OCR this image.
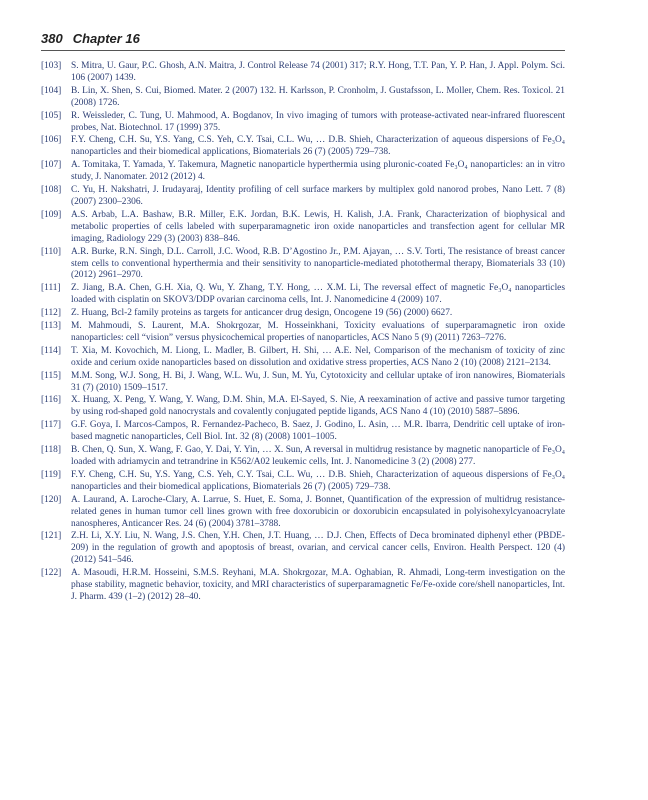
380 Chapter 16
[103]	S. Mitra, U. Gaur, P.C. Ghosh, A.N. Maitra, J. Control Release 74 (2001) 317; R.Y. Hong, T.T. Pan, Y. P. Han, J. Appl. Polym. Sci. 106 (2007) 1439.
[104]	B. Lin, X. Shen, S. Cui, Biomed. Mater. 2 (2007) 132. H. Karlsson, P. Cronholm, J. Gustafsson, L. Moller, Chem. Res. Toxicol. 21 (2008) 1726.
[105]	R. Weissleder, C. Tung, U. Mahmood, A. Bogdanov, In vivo imaging of tumors with protease-activated near-infrared fluorescent probes, Nat. Biotechnol. 17 (1999) 375.
[106]	F.Y. Cheng, C.H. Su, Y.S. Yang, C.S. Yeh, C.Y. Tsai, C.L. Wu, … D.B. Shieh, Characterization of aqueous dispersions of Fe₃O₄ nanoparticles and their biomedical applications, Biomaterials 26 (7) (2005) 729–738.
[107]	A. Tomitaka, T. Yamada, Y. Takemura, Magnetic nanoparticle hyperthermia using pluronic-coated Fe₃O₄ nanoparticles: an in vitro study, J. Nanomater. 2012 (2012) 4.
[108]	C. Yu, H. Nakshatri, J. Irudayaraj, Identity profiling of cell surface markers by multiplex gold nanorod probes, Nano Lett. 7 (8) (2007) 2300–2306.
[109]	A.S. Arbab, L.A. Bashaw, B.R. Miller, E.K. Jordan, B.K. Lewis, H. Kalish, J.A. Frank, Characterization of biophysical and metabolic properties of cells labeled with superparamagnetic iron oxide nanoparticles and transfection agent for cellular MR imaging, Radiology 229 (3) (2003) 838–846.
[110]	A.R. Burke, R.N. Singh, D.L. Carroll, J.C. Wood, R.B. D’Agostino Jr., P.M. Ajayan, … S.V. Torti, The resistance of breast cancer stem cells to conventional hyperthermia and their sensitivity to nanoparticle-mediated photothermal therapy, Biomaterials 33 (10) (2012) 2961–2970.
[111]	Z. Jiang, B.A. Chen, G.H. Xia, Q. Wu, Y. Zhang, T.Y. Hong, … X.M. Li, The reversal effect of magnetic Fe₃O₄ nanoparticles loaded with cisplatin on SKOV3/DDP ovarian carcinoma cells, Int. J. Nanomedicine 4 (2009) 107.
[112]	Z. Huang, Bcl-2 family proteins as targets for anticancer drug design, Oncogene 19 (56) (2000) 6627.
[113]	M. Mahmoudi, S. Laurent, M.A. Shokrgozar, M. Hosseinkhani, Toxicity evaluations of superparamagnetic iron oxide nanoparticles: cell “vision” versus physicochemical properties of nanoparticles, ACS Nano 5 (9) (2011) 7263–7276.
[114]	T. Xia, M. Kovochich, M. Liong, L. Madler, B. Gilbert, H. Shi, … A.E. Nel, Comparison of the mechanism of toxicity of zinc oxide and cerium oxide nanoparticles based on dissolution and oxidative stress properties, ACS Nano 2 (10) (2008) 2121–2134.
[115]	M.M. Song, W.J. Song, H. Bi, J. Wang, W.L. Wu, J. Sun, M. Yu, Cytotoxicity and cellular uptake of iron nanowires, Biomaterials 31 (7) (2010) 1509–1517.
[116]	X. Huang, X. Peng, Y. Wang, Y. Wang, D.M. Shin, M.A. El-Sayed, S. Nie, A reexamination of active and passive tumor targeting by using rod-shaped gold nanocrystals and covalently conjugated peptide ligands, ACS Nano 4 (10) (2010) 5887–5896.
[117]	G.F. Goya, I. Marcos-Campos, R. Fernandez-Pacheco, B. Saez, J. Godino, L. Asin, … M.R. Ibarra, Dendritic cell uptake of iron-based magnetic nanoparticles, Cell Biol. Int. 32 (8) (2008) 1001–1005.
[118]	B. Chen, Q. Sun, X. Wang, F. Gao, Y. Dai, Y. Yin, … X. Sun, A reversal in multidrug resistance by magnetic nanoparticle of Fe₃O₄ loaded with adriamycin and tetrandrine in K562/A02 leukemic cells, Int. J. Nanomedicine 3 (2) (2008) 277.
[119]	F.Y. Cheng, C.H. Su, Y.S. Yang, C.S. Yeh, C.Y. Tsai, C.L. Wu, … D.B. Shieh, Characterization of aqueous dispersions of Fe₃O₄ nanoparticles and their biomedical applications, Biomaterials 26 (7) (2005) 729–738.
[120]	A. Laurand, A. Laroche-Clary, A. Larrue, S. Huet, E. Soma, J. Bonnet, Quantification of the expression of multidrug resistance-related genes in human tumor cell lines grown with free doxorubicin or doxorubicin encapsulated in polyisohexylcyanoacrylate nanospheres, Anticancer Res. 24 (6) (2004) 3781–3788.
[121]	Z.H. Li, X.Y. Liu, N. Wang, J.S. Chen, Y.H. Chen, J.T. Huang, … D.J. Chen, Effects of Deca brominated diphenyl ether (PBDE-209) in the regulation of growth and apoptosis of breast, ovarian, and cervical cancer cells, Environ. Health Perspect. 120 (4) (2012) 541–546.
[122]	A. Masoudi, H.R.M. Hosseini, S.M.S. Reyhani, M.A. Shokrgozar, M.A. Oghabian, R. Ahmadi, Long-term investigation on the phase stability, magnetic behavior, toxicity, and MRI characteristics of superparamagnetic Fe/Fe-oxide core/shell nanoparticles, Int. J. Pharm. 439 (1–2) (2012) 28–40.
